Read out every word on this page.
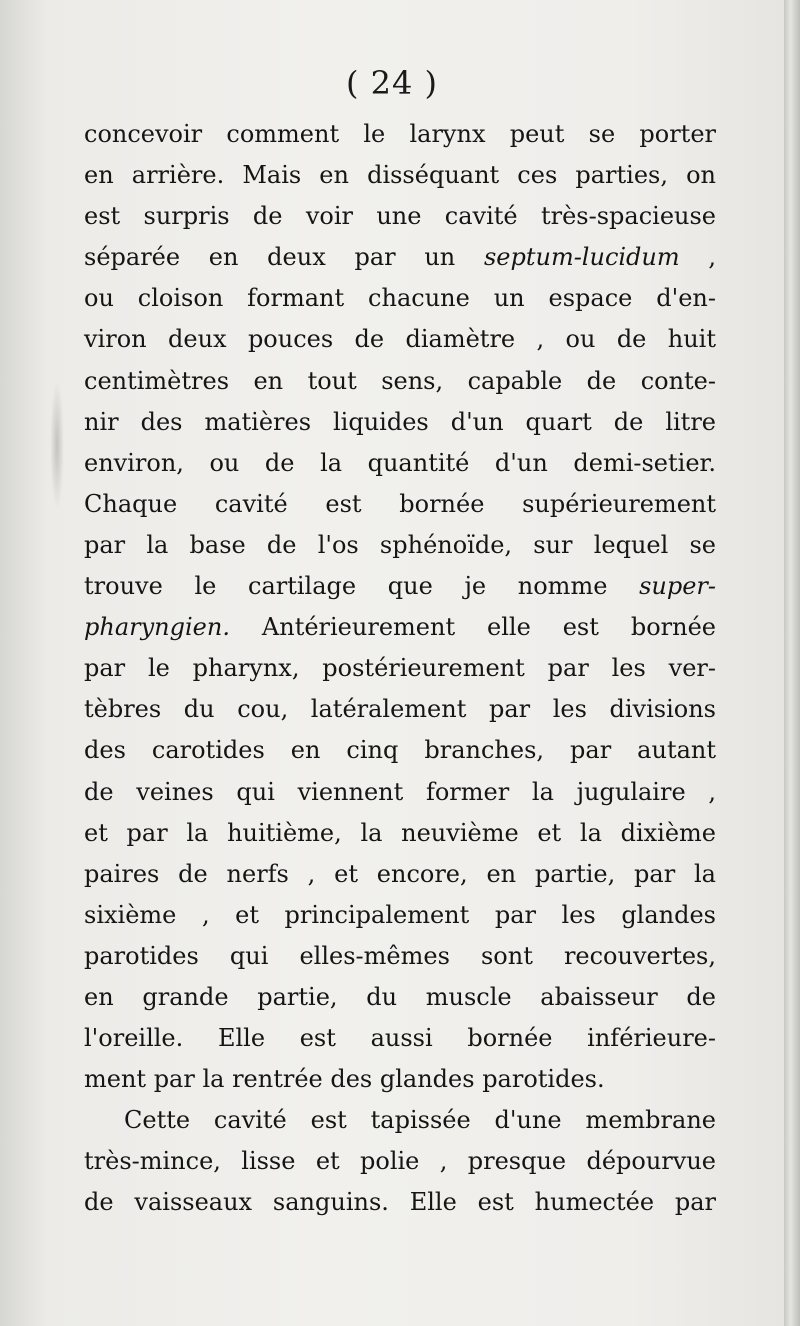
( 24 )
concevoir comment le larynx peut se porter
en arrière. Mais en disséquant ces parties, on
est surpris de voir une cavité très-spacieuse
séparée en deux par un septum-lucidum ,
ou cloison formant chacune un espace d'en-
viron deux pouces de diamètre , ou de huit
centimètres en tout sens, capable de conte-
nir des matières liquides d'un quart de litre
environ, ou de la quantité d'un demi-setier.
Chaque cavité est bornée supérieurement
par la base de l'os sphénoïde, sur lequel se
trouve le cartilage que je nomme super-
pharyngien. Antérieurement elle est bornée
par le pharynx, postérieurement par les ver-
tèbres du cou, latéralement par les divisions
des carotides en cinq branches, par autant
de veines qui viennent former la jugulaire ,
et par la huitième, la neuvième et la dixième
paires de nerfs , et encore, en partie, par la
sixième , et principalement par les glandes
parotides qui elles-mêmes sont recouvertes,
en grande partie, du muscle abaisseur de
l'oreille. Elle est aussi bornée inférieure-
ment par la rentrée des glandes parotides.
Cette cavité est tapissée d'une membrane
très-mince, lisse et polie , presque dépourvue
de vaisseaux sanguins. Elle est humectée par
